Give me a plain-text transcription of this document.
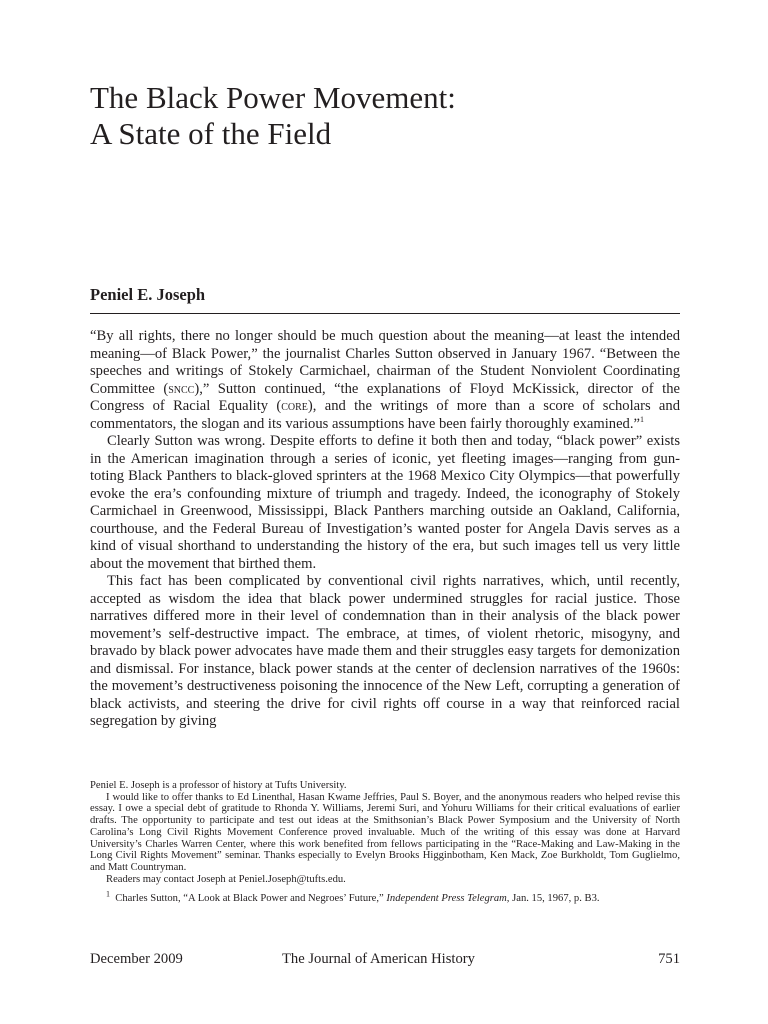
The Black Power Movement:
A State of the Field

Peniel E. Joseph

“By all rights, there no longer should be much question about the meaning—at least the intended meaning—of Black Power,” the journalist Charles Sutton observed in January 1967. “Between the speeches and writings of Stokely Carmichael, chairman of the Student Nonviolent Coordinating Committee (sncc),” Sutton continued, “the explanations of Floyd McKissick, director of the Congress of Racial Equality (core), and the writings of more than a score of scholars and commentators, the slogan and its various assumptions have been fairly thoroughly examined.”$^1$

Clearly Sutton was wrong. Despite efforts to define it both then and today, “black power” exists in the American imagination through a series of iconic, yet fleeting images—ranging from gun-toting Black Panthers to black-gloved sprinters at the 1968 Mexico City Olympics—that powerfully evoke the era’s confounding mixture of triumph and tragedy. Indeed, the iconography of Stokely Carmichael in Greenwood, Mississippi, Black Panthers marching outside an Oakland, California, courthouse, and the Federal Bureau of Investigation’s wanted poster for Angela Davis serves as a kind of visual shorthand to understanding the history of the era, but such images tell us very little about the movement that birthed them.

This fact has been complicated by conventional civil rights narratives, which, until recently, accepted as wisdom the idea that black power undermined struggles for racial justice. Those narratives differed more in their level of condemnation than in their analysis of the black power movement’s self-destructive impact. The embrace, at times, of violent rhetoric, misogyny, and bravado by black power advocates have made them and their struggles easy targets for demonization and dismissal. For instance, black power stands at the center of declension narratives of the 1960s: the movement’s destructiveness poisoning the innocence of the New Left, corrupting a generation of black activists, and steering the drive for civil rights off course in a way that reinforced racial segregation by giving

Peniel E. Joseph is a professor of history at Tufts University.

I would like to offer thanks to Ed Linenthal, Hasan Kwame Jeffries, Paul S. Boyer, and the anonymous readers who helped revise this essay. I owe a special debt of gratitude to Rhonda Y. Williams, Jeremi Suri, and Yohuru Williams for their critical evaluations of earlier drafts. The opportunity to participate and test out ideas at the Smithsonian’s Black Power Symposium and the University of North Carolina’s Long Civil Rights Movement Conference proved invaluable. Much of the writing of this essay was done at Harvard University’s Charles Warren Center, where this work benefited from fellows participating in the “Race-Making and Law-Making in the Long Civil Rights Movement” seminar. Thanks especially to Evelyn Brooks Higginbotham, Ken Mack, Zoe Burkholdt, Tom Guglielmo, and Matt Countryman.

Readers may contact Joseph at Peniel.Joseph@tufts.edu.

$^1$ Charles Sutton, “A Look at Black Power and Negroes’ Future,” Independent Press Telegram, Jan. 15, 1967, p. B3.

December 2009	The Journal of American History	751
